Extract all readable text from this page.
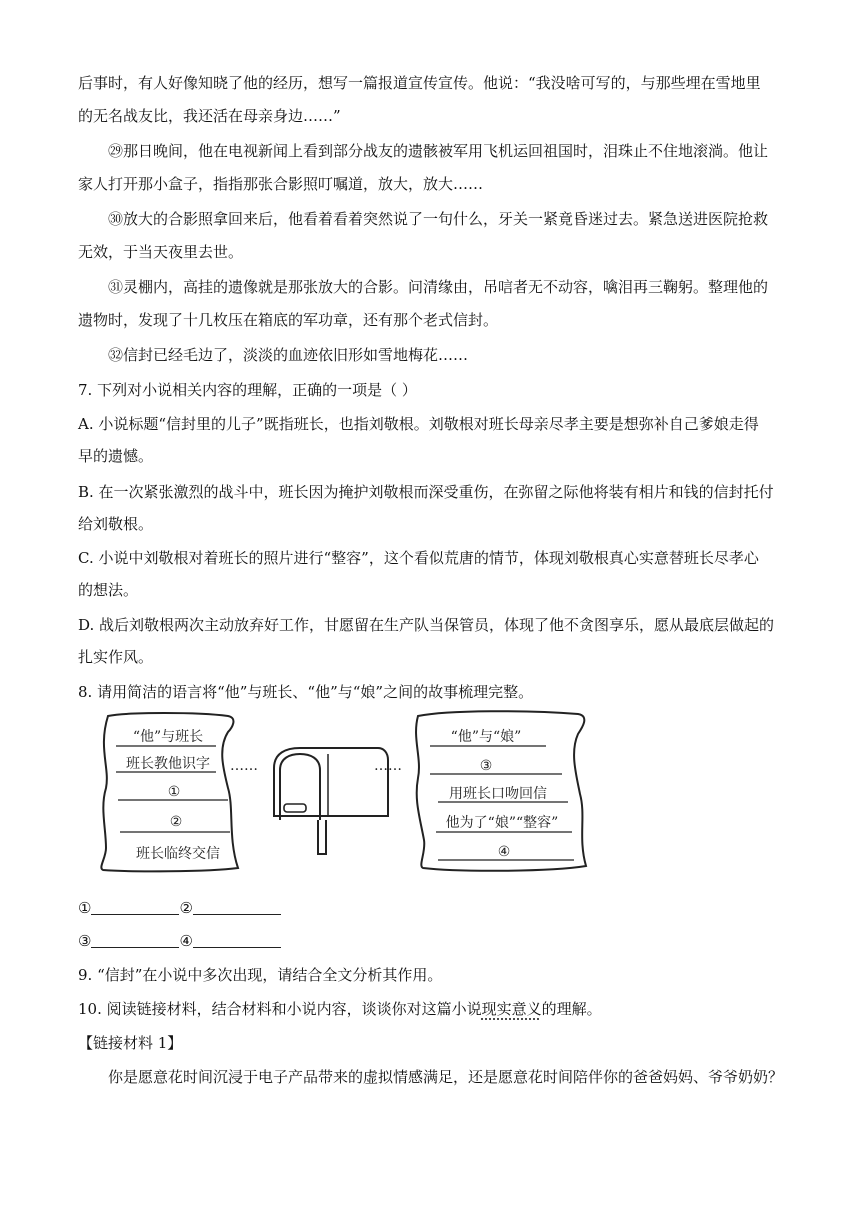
后事时，有人好像知晓了他的经历，想写一篇报道宣传宣传。他说：“我没啥可写的，与那些埋在雪地里
的无名战友比，我还活在母亲身边……”
㉙那日晚间，他在电视新闻上看到部分战友的遗骸被军用飞机运回祖国时，泪珠止不住地滚淌。他让
家人打开那小盒子，指指那张合影照叮嘱道，放大，放大……
㉚放大的合影照拿回来后，他看着看着突然说了一句什么，牙关一紧竟昏迷过去。紧急送进医院抢救
无效，于当天夜里去世。
㉛灵棚内，高挂的遗像就是那张放大的合影。问清缘由，吊唁者无不动容，噙泪再三鞠躬。整理他的
遗物时，发现了十几枚压在箱底的军功章，还有那个老式信封。
㉜信封已经毛边了，淡淡的血迹依旧形如雪地梅花……
7. 下列对小说相关内容的理解，正确的一项是（ ）
A. 小说标题“信封里的儿子”既指班长，也指刘敬根。刘敬根对班长母亲尽孝主要是想弥补自己爹娘走得
早的遗憾。
B. 在一次紧张激烈的战斗中，班长因为掩护刘敬根而深受重伤，在弥留之际他将装有相片和钱的信封托付
给刘敬根。
C. 小说中刘敬根对着班长的照片进行“整容”，这个看似荒唐的情节，体现刘敬根真心实意替班长尽孝心
的想法。
D. 战后刘敬根两次主动放弃好工作，甘愿留在生产队当保管员，体现了他不贪图享乐，愿从最底层做起的
扎实作风。
8. 请用简洁的语言将“他”与班长、“他”与“娘”之间的故事梳理完整。
“他”与班长
班长教他识字
①
②
班长临终交信
……	……
“他”与“娘”
③
用班长口吻回信
他为了“娘”“整容”
④
①	②
③	④
9. “信封”在小说中多次出现，请结合全文分析其作用。
10. 阅读链接材料，结合材料和小说内容，谈谈你对这篇小说现实意义的理解。
【链接材料 1】
你是愿意花时间沉浸于电子产品带来的虚拟情感满足，还是愿意花时间陪伴你的爸爸妈妈、爷爷奶奶？
